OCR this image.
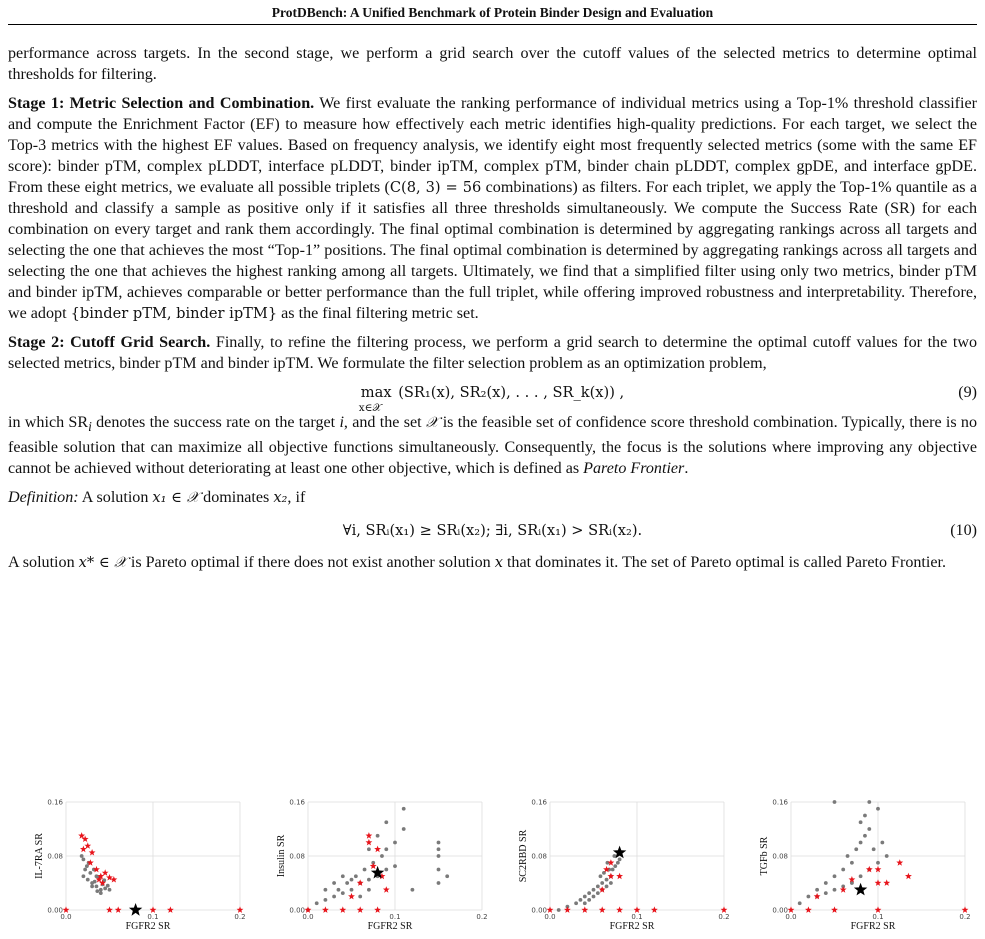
ProtDBench: A Unified Benchmark of Protein Binder Design and Evaluation

performance across targets. In the second stage, we perform a grid search over the cutoff values of the selected metrics to determine optimal thresholds for filtering.

Stage 1: Metric Selection and Combination. We first evaluate the ranking performance of individual metrics using a Top-1% threshold classifier and compute the Enrichment Factor (EF) to measure how effectively each metric identifies high-quality predictions. For each target, we select the Top-3 metrics with the highest EF values. Based on frequency analysis, we identify eight most frequently selected metrics (some with the same EF score): binder pTM, complex pLDDT, interface pLDDT, binder ipTM, complex pTM, binder chain pLDDT, complex gpDE, and interface gpDE. From these eight metrics, we evaluate all possible triplets (C(8, 3) = 56 combinations) as filters. For each triplet, we apply the Top-1% quantile as a threshold and classify a sample as positive only if it satisfies all three thresholds simultaneously. We compute the Success Rate (SR) for each combination on every target and rank them accordingly. The final optimal combination is determined by aggregating rankings across all targets and selecting the one that achieves the most “Top-1” positions. The final optimal combination is determined by aggregating rankings across all targets and selecting the one that achieves the highest ranking among all targets. Ultimately, we find that a simplified filter using only two metrics, binder pTM and binder ipTM, achieves comparable or better performance than the full triplet, while offering improved robustness and interpretability. Therefore, we adopt {binder pTM, binder ipTM} as the final filtering metric set.

Stage 2: Cutoff Grid Search. Finally, to refine the filtering process, we perform a grid search to determine the optimal cutoff values for the two selected metrics, binder pTM and binder ipTM. We formulate the filter selection problem as an optimization problem,

max
x∈𝒳
(SR₁(x), SR₂(x), . . . , SR_k(x)) ,	(9)

in which $SR_i$ denotes the success rate on the target i, and the set 𝒳 is the feasible set of confidence score threshold combination. Typically, there is no feasible solution that can maximize all objective functions simultaneously. Consequently, the focus is the solutions where improving any objective cannot be achieved without deteriorating at least one other objective, which is defined as Pareto Frontier.

Definition: A solution x₁ ∈ 𝒳 dominates x₂, if

∀i, SRᵢ(x₁) ≥ SRᵢ(x₂); ∃i, SRᵢ(x₁) > SRᵢ(x₂).	(10)

A solution x* ∈ 𝒳 is Pareto optimal if there does not exist another solution x that dominates it. The set of Pareto optimal is called Pareto Frontier.

0.0	0.1	0.2
0.00
0.08
0.16
IL-7RA SR
FGFR2 SR
0.0	0.1	0.2
0.00
0.08
0.16
Insulin SR
FGFR2 SR
0.0	0.1	0.2
0.00
0.08
0.16
SC2RBD SR
FGFR2 SR
0.0	0.1	0.2
0.00
0.08
0.16
TGFb SR
FGFR2 SR
